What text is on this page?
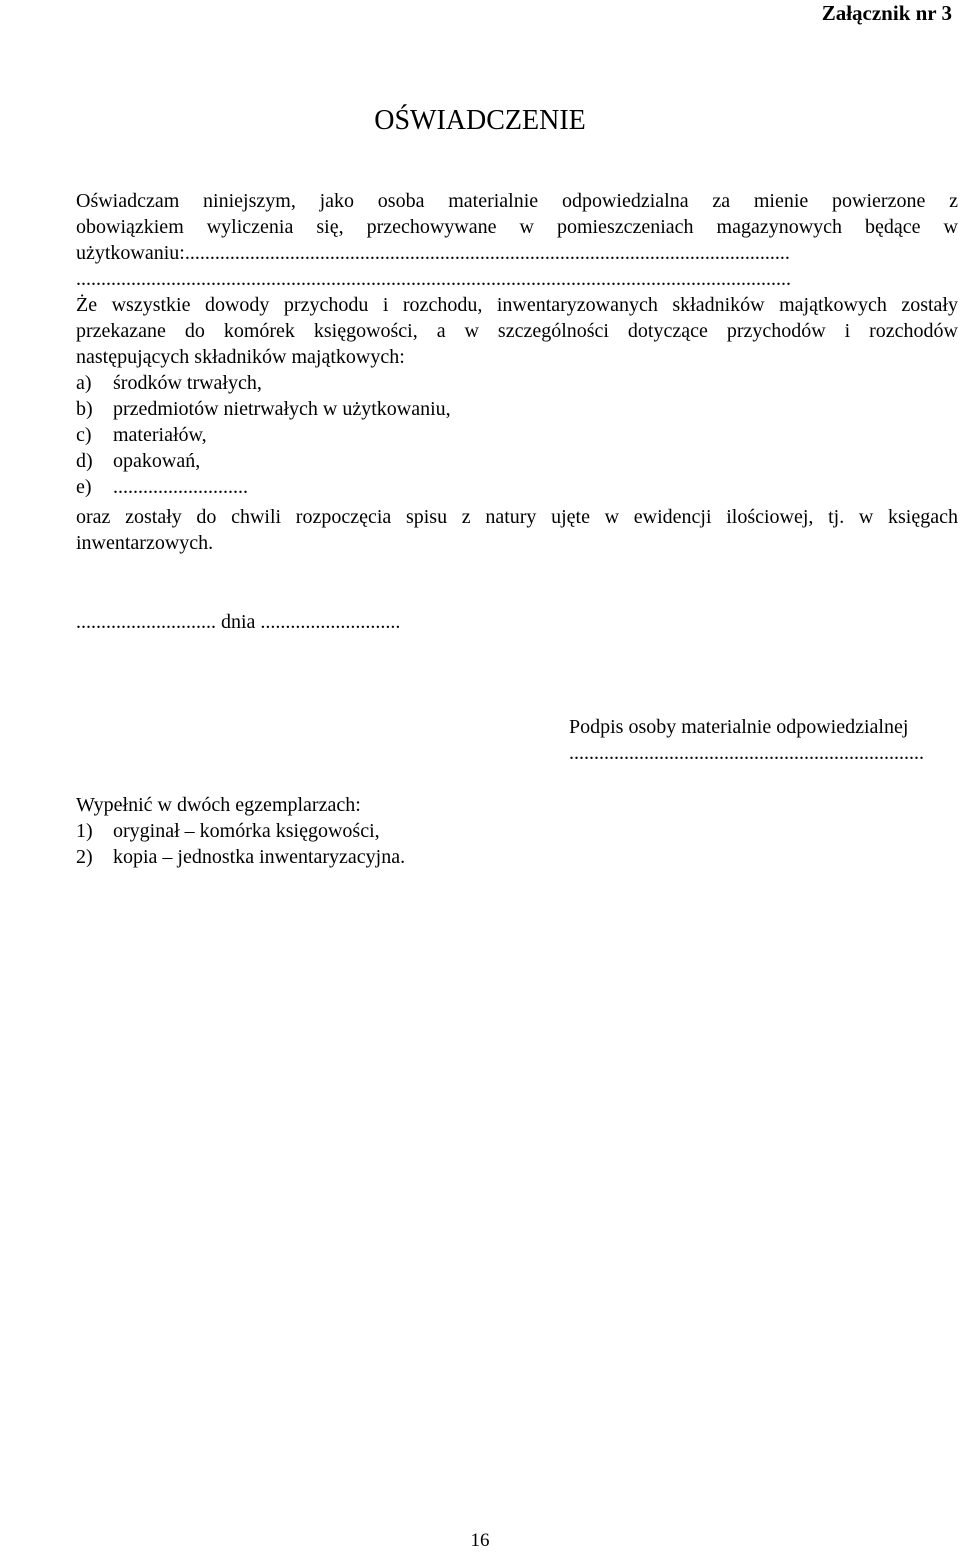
Załącznik nr 3
OŚWIADCZENIE
Oświadczam niniejszym, jako osoba materialnie odpowiedzialna za mienie powierzone z
obowiązkiem wyliczenia się, przechowywane w pomieszczeniach magazynowych będące w
użytkowaniu:.........................................................................................................................
...............................................................................................................................................
Że wszystkie dowody przychodu i rozchodu, inwentaryzowanych składników majątkowych zostały
przekazane do komórek księgowości, a w szczególności dotyczące przychodów i rozchodów
następujących składników majątkowych:
a) środków trwałych,
b) przedmiotów nietrwałych w użytkowaniu,
c) materiałów,
d) opakowań,
e) ...........................
oraz zostały do chwili rozpoczęcia spisu z natury ujęte w ewidencji ilościowej, tj. w księgach
inwentarzowych.
............................ dnia ............................
Podpis osoby materialnie odpowiedzialnej
.......................................................................
Wypełnić w dwóch egzemplarzach:
1) oryginał – komórka księgowości,
2) kopia – jednostka inwentaryzacyjna.
16
